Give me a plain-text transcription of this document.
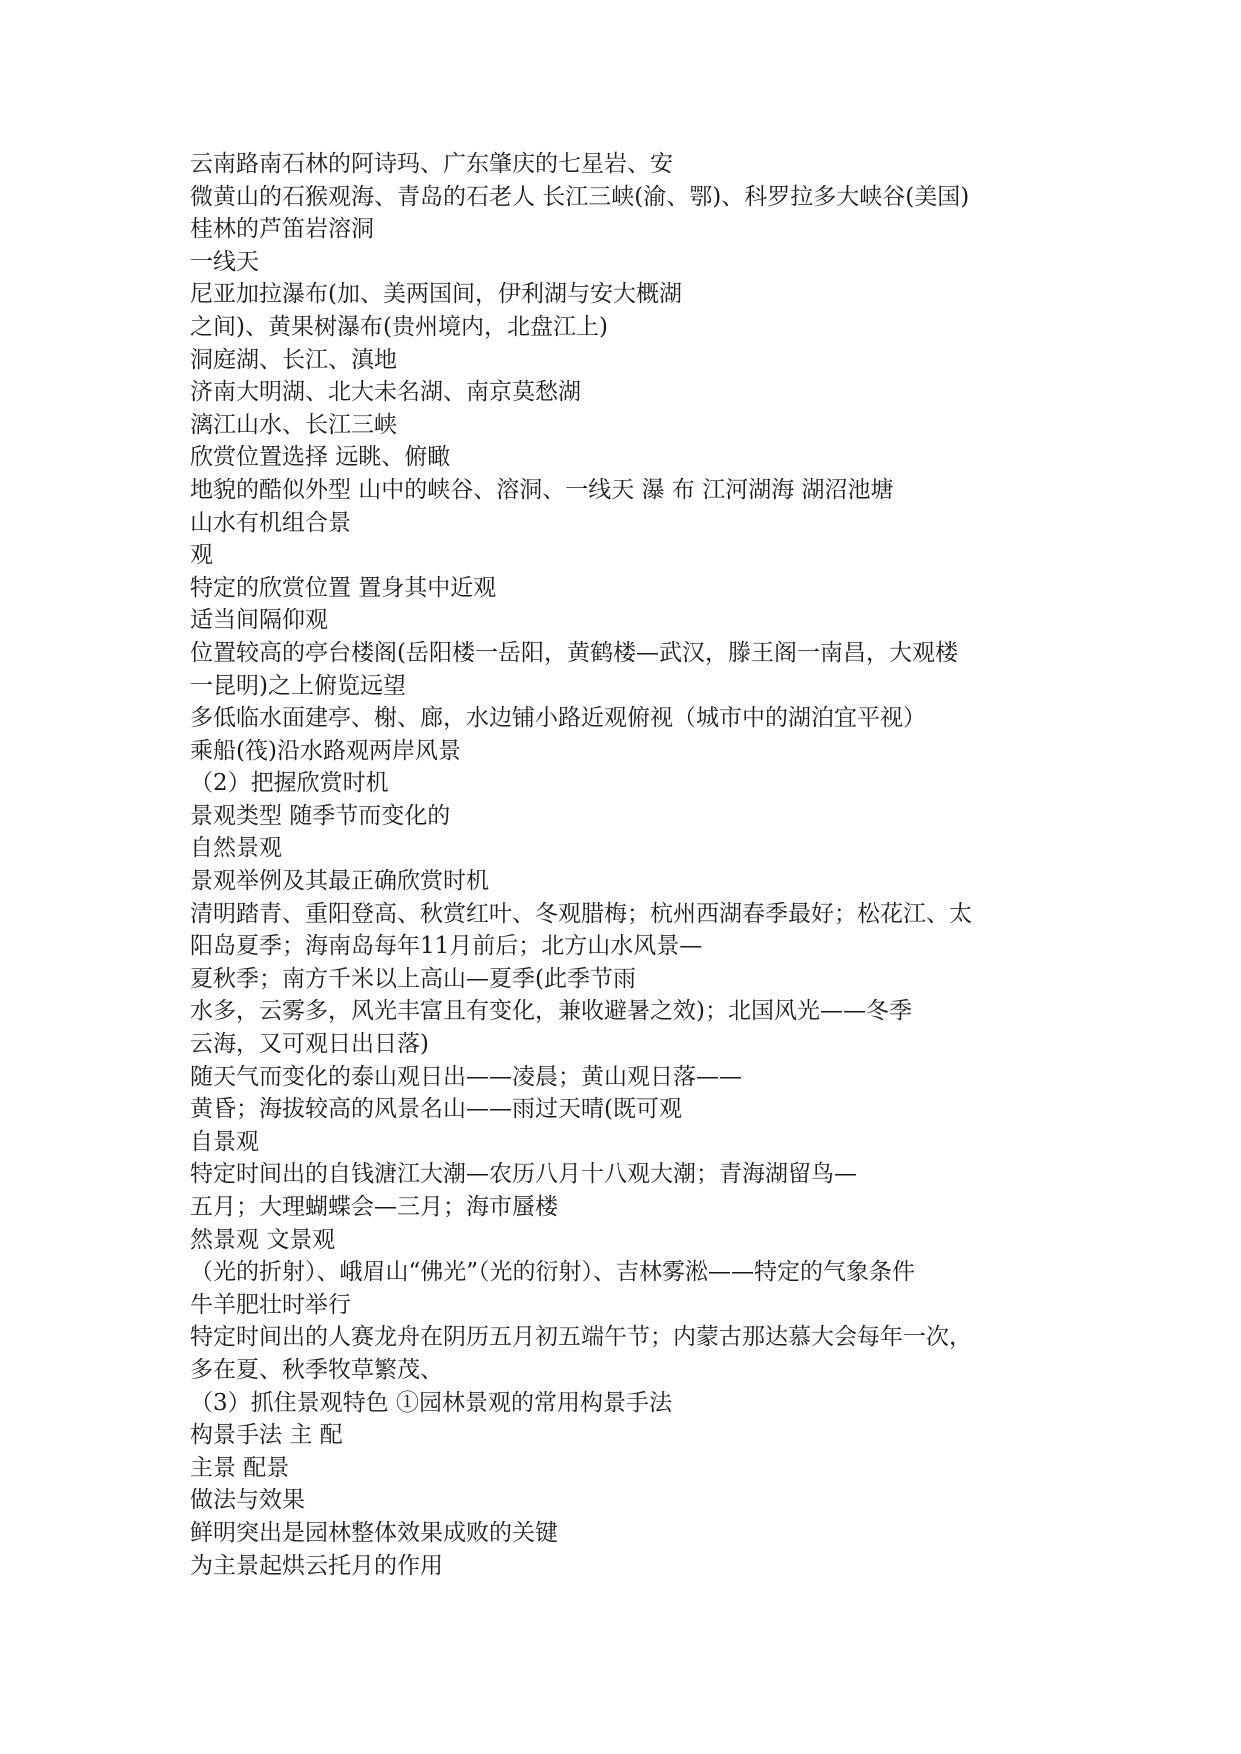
云南路南石林的阿诗玛、广东肇庆的七星岩、安
微黄山的石猴观海、青岛的石老人 长江三峡(渝、鄂)、科罗拉多大峡谷(美国)
桂林的芦笛岩溶洞
一线天
尼亚加拉瀑布(加、美两国间，伊利湖与安大概湖
之间)、黄果树瀑布(贵州境内，北盘江上)
洞庭湖、长江、滇地
济南大明湖、北大未名湖、南京莫愁湖
漓江山水、长江三峡
欣赏位置选择 远眺、俯瞰
地貌的酷似外型 山中的峡谷、溶洞、一线天 瀑 布 江河湖海 湖沼池塘
山水有机组合景
观
特定的欣赏位置 置身其中近观
适当间隔仰观
位置较高的亭台楼阁(岳阳楼一岳阳，黄鹤楼—武汉，滕王阁一南昌，大观楼
一昆明)之上俯览远望
多低临水面建亭、榭、廊，水边铺小路近观俯视（城市中的湖泊宜平视）
乘船(筏)沿水路观两岸风景
（2）把握欣赏时机
景观类型 随季节而变化的
自然景观
景观举例及其最正确欣赏时机
清明踏青、重阳登高、秋赏红叶、冬观腊梅；杭州西湖春季最好；松花江、太
阳岛夏季；海南岛每年11月前后；北方山水风景—
夏秋季；南方千米以上高山—夏季(此季节雨
水多，云雾多，风光丰富且有变化，兼收避暑之效)；北国风光——冬季
云海，又可观日出日落)
随天气而变化的泰山观日出——凌晨；黄山观日落——
黄昏；海拔较高的风景名山——雨过天晴(既可观
自景观
特定时间出的自钱溏江大潮—农历八月十八观大潮；青海湖留鸟—
五月；大理蝴蝶会—三月；海市蜃楼
然景观 文景观
（光的折射）、峨眉山“佛光”（光的衍射）、吉林雾淞——特定的气象条件
牛羊肥壮时举行
特定时间出的人赛龙舟在阴历五月初五端午节；内蒙古那达慕大会每年一次，
多在夏、秋季牧草繁茂、
（3）抓住景观特色 ①园林景观的常用构景手法
构景手法 主 配
主景 配景
做法与效果
鲜明突出是园林整体效果成败的关键
为主景起烘云托月的作用
